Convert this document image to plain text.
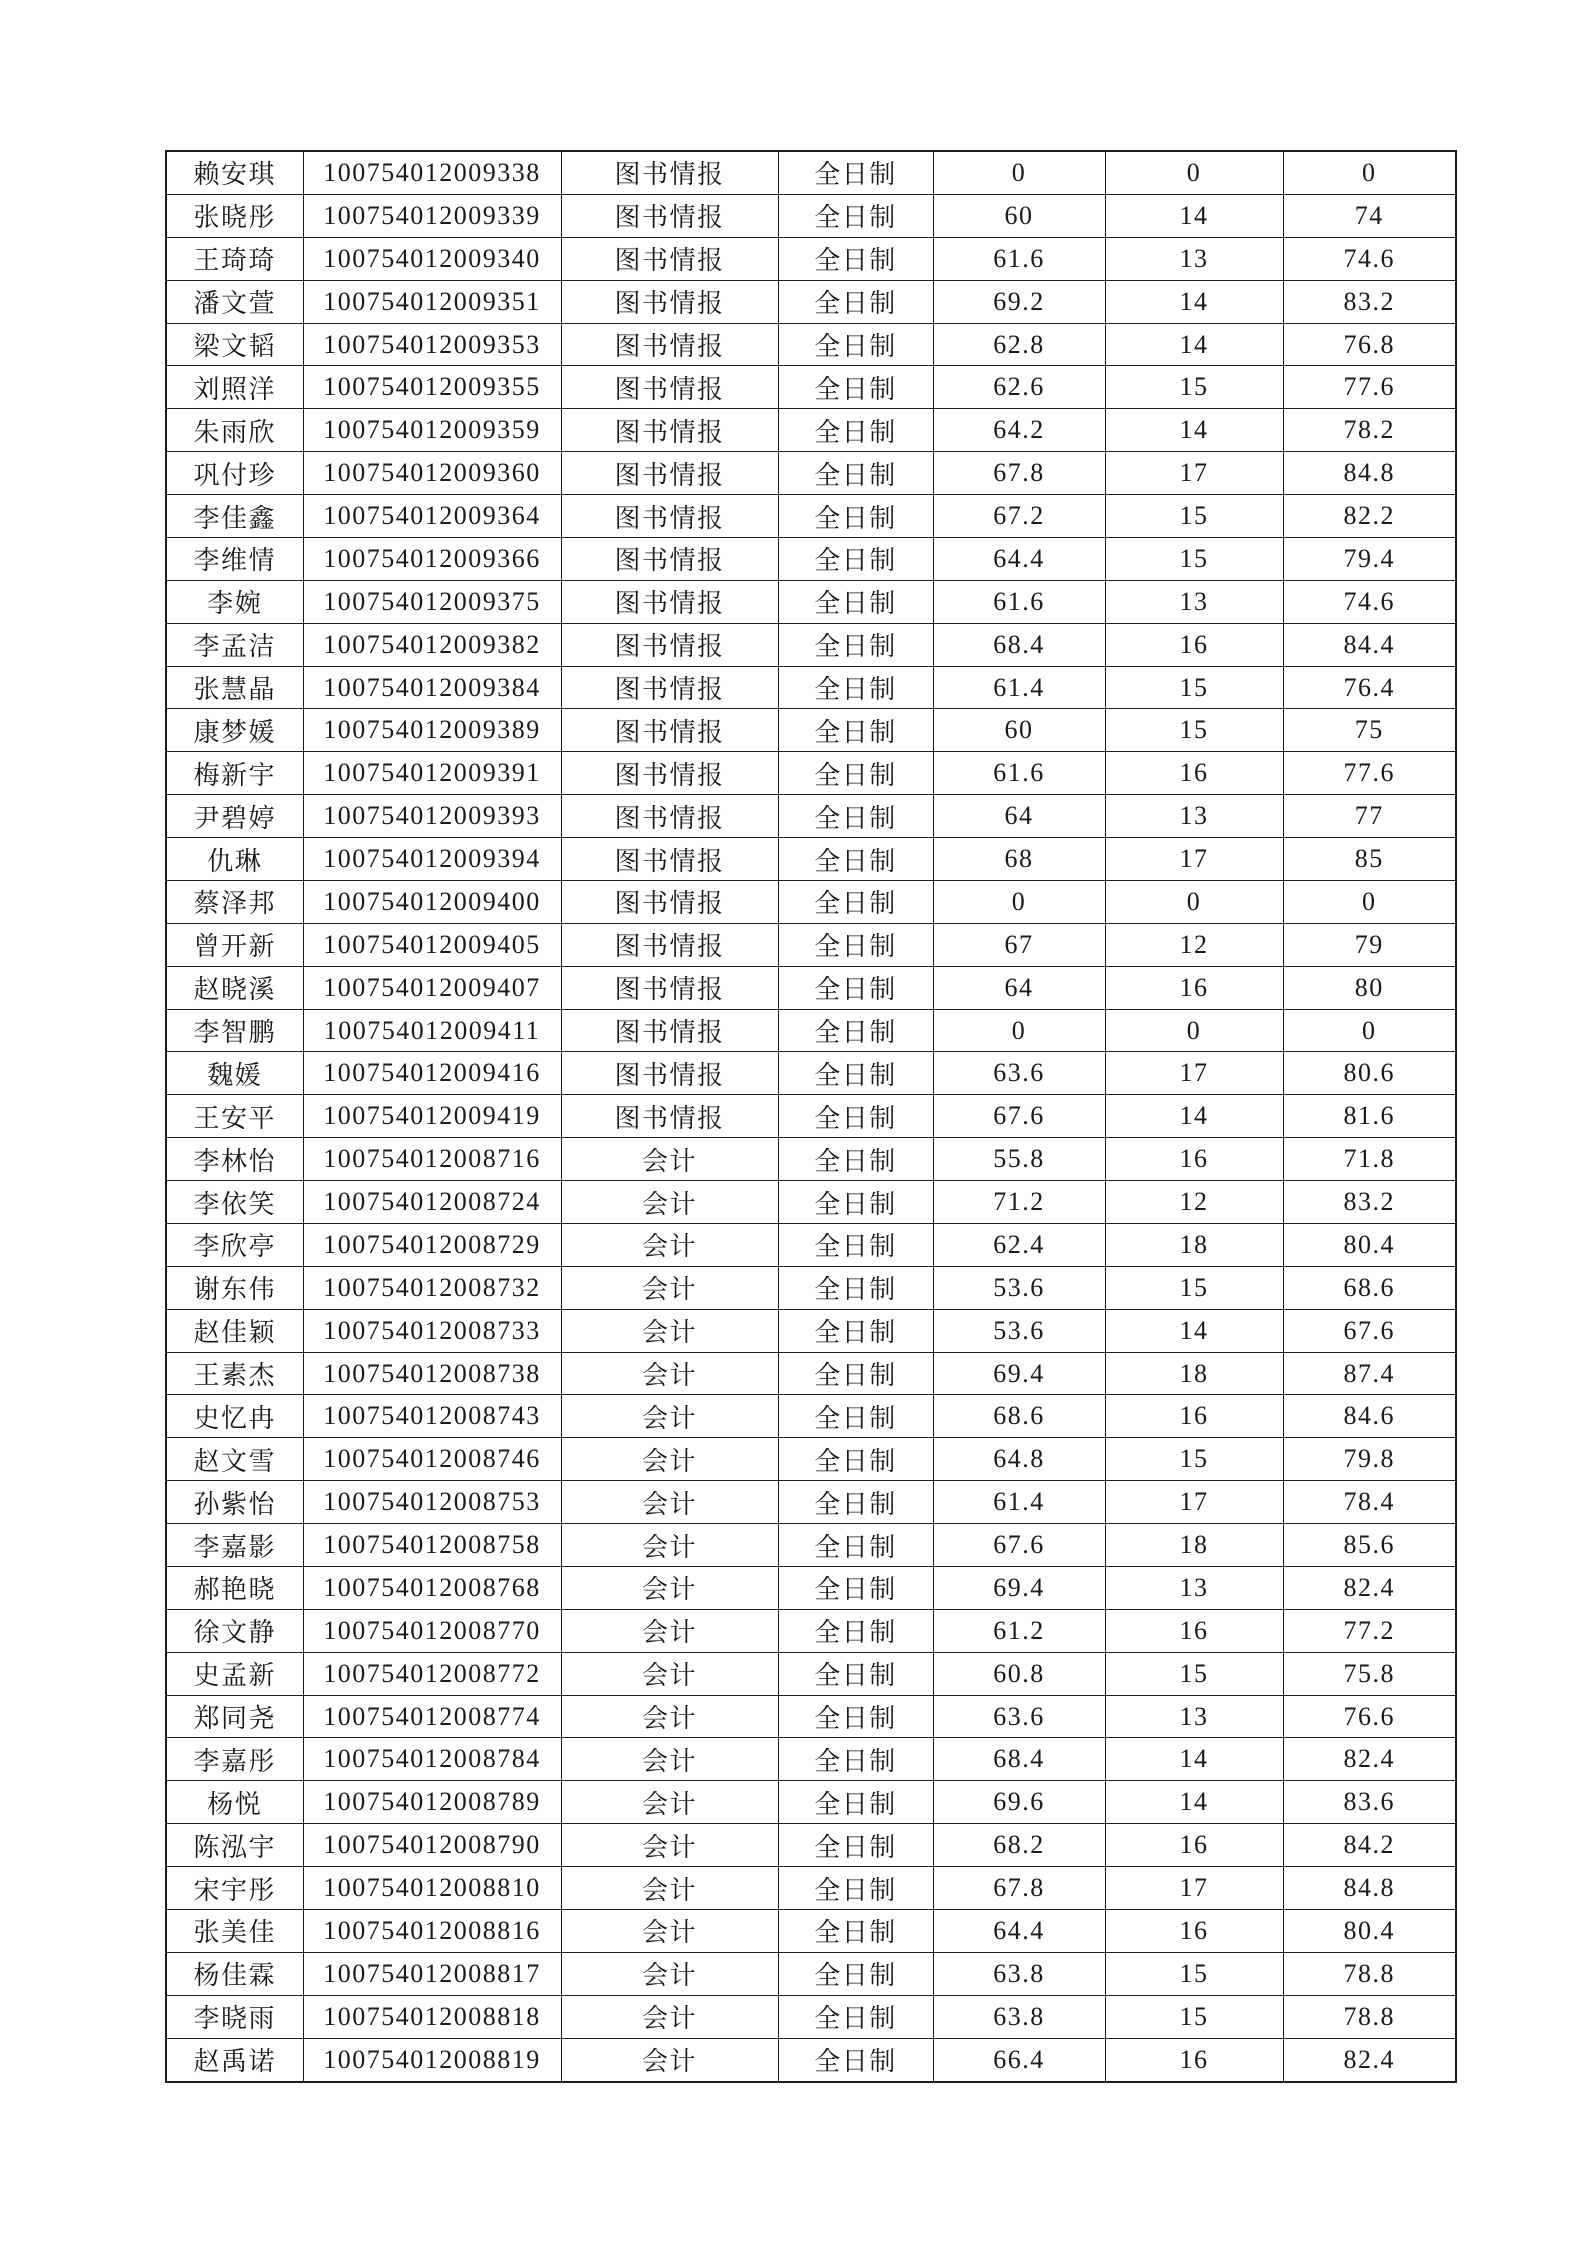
赖安琪	100754012009338	图书情报	全日制	0	0	0
张晓彤	100754012009339	图书情报	全日制	60	14	74
王琦琦	100754012009340	图书情报	全日制	61.6	13	74.6
潘文萱	100754012009351	图书情报	全日制	69.2	14	83.2
梁文韬	100754012009353	图书情报	全日制	62.8	14	76.8
刘照洋	100754012009355	图书情报	全日制	62.6	15	77.6
朱雨欣	100754012009359	图书情报	全日制	64.2	14	78.2
巩付珍	100754012009360	图书情报	全日制	67.8	17	84.8
李佳鑫	100754012009364	图书情报	全日制	67.2	15	82.2
李维情	100754012009366	图书情报	全日制	64.4	15	79.4
李婉	100754012009375	图书情报	全日制	61.6	13	74.6
李孟洁	100754012009382	图书情报	全日制	68.4	16	84.4
张慧晶	100754012009384	图书情报	全日制	61.4	15	76.4
康梦媛	100754012009389	图书情报	全日制	60	15	75
梅新宇	100754012009391	图书情报	全日制	61.6	16	77.6
尹碧婷	100754012009393	图书情报	全日制	64	13	77
仇琳	100754012009394	图书情报	全日制	68	17	85
蔡泽邦	100754012009400	图书情报	全日制	0	0	0
曾开新	100754012009405	图书情报	全日制	67	12	79
赵晓溪	100754012009407	图书情报	全日制	64	16	80
李智鹏	100754012009411	图书情报	全日制	0	0	0
魏媛	100754012009416	图书情报	全日制	63.6	17	80.6
王安平	100754012009419	图书情报	全日制	67.6	14	81.6
李林怡	100754012008716	会计	全日制	55.8	16	71.8
李依笑	100754012008724	会计	全日制	71.2	12	83.2
李欣亭	100754012008729	会计	全日制	62.4	18	80.4
谢东伟	100754012008732	会计	全日制	53.6	15	68.6
赵佳颖	100754012008733	会计	全日制	53.6	14	67.6
王素杰	100754012008738	会计	全日制	69.4	18	87.4
史忆冉	100754012008743	会计	全日制	68.6	16	84.6
赵文雪	100754012008746	会计	全日制	64.8	15	79.8
孙紫怡	100754012008753	会计	全日制	61.4	17	78.4
李嘉影	100754012008758	会计	全日制	67.6	18	85.6
郝艳晓	100754012008768	会计	全日制	69.4	13	82.4
徐文静	100754012008770	会计	全日制	61.2	16	77.2
史孟新	100754012008772	会计	全日制	60.8	15	75.8
郑同尧	100754012008774	会计	全日制	63.6	13	76.6
李嘉彤	100754012008784	会计	全日制	68.4	14	82.4
杨悦	100754012008789	会计	全日制	69.6	14	83.6
陈泓宇	100754012008790	会计	全日制	68.2	16	84.2
宋宇彤	100754012008810	会计	全日制	67.8	17	84.8
张美佳	100754012008816	会计	全日制	64.4	16	80.4
杨佳霖	100754012008817	会计	全日制	63.8	15	78.8
李晓雨	100754012008818	会计	全日制	63.8	15	78.8
赵禹诺	100754012008819	会计	全日制	66.4	16	82.4
